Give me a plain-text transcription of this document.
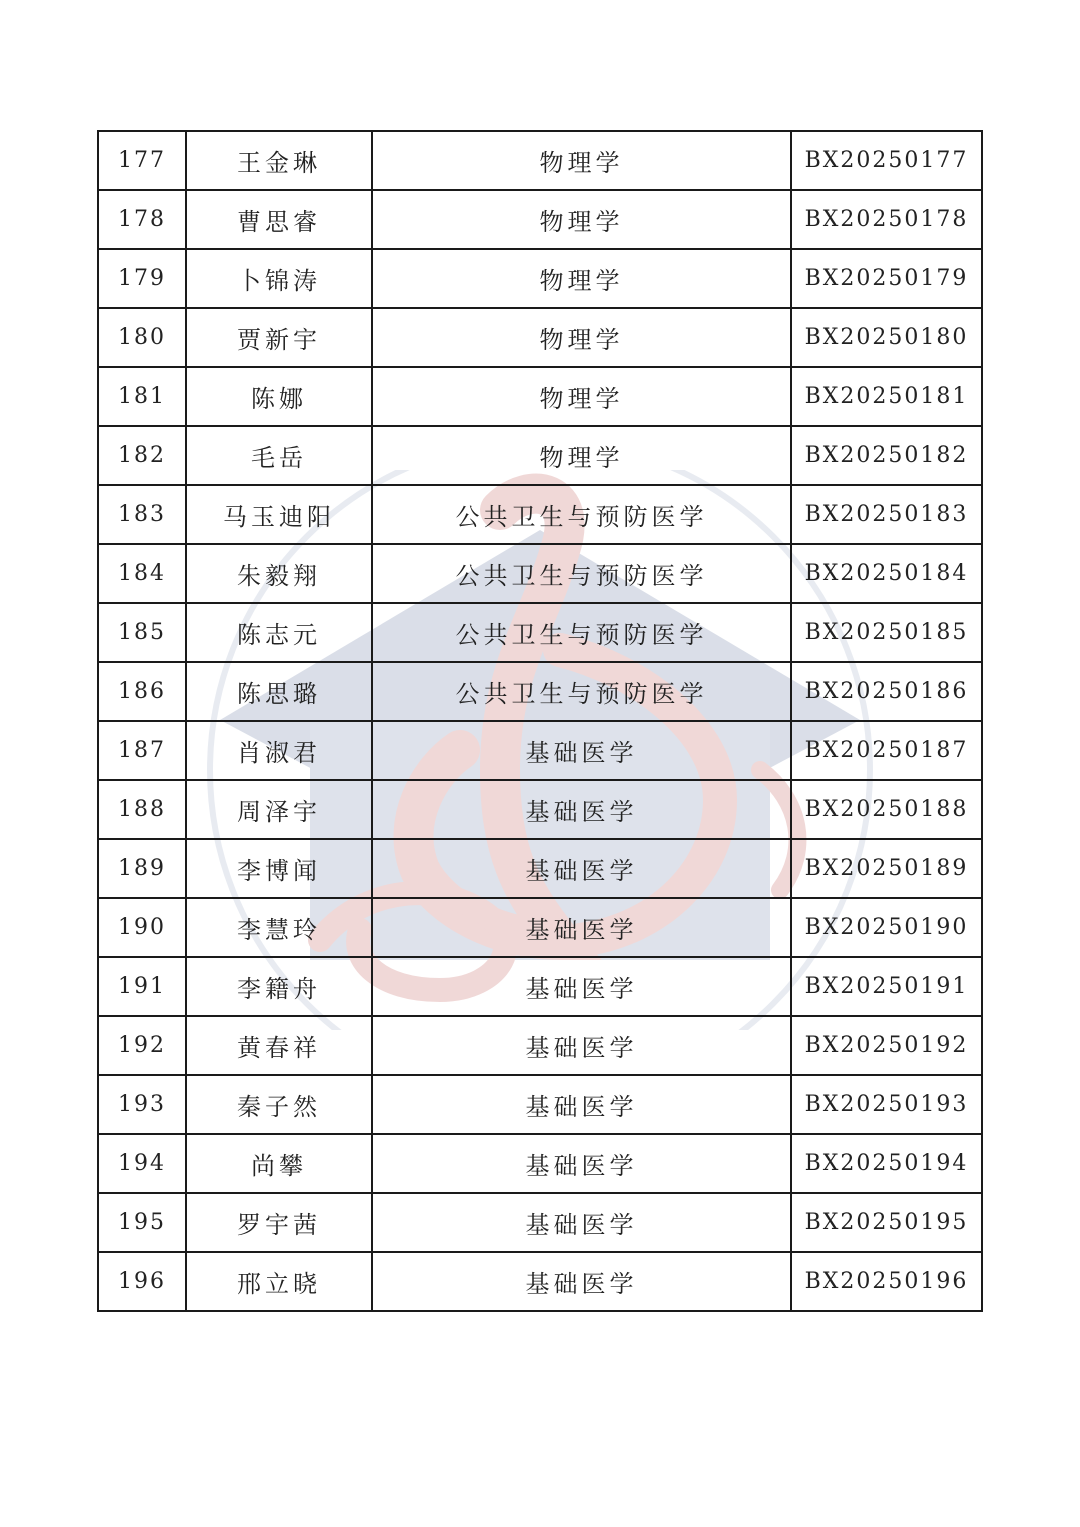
177	王金琳	物理学	BX20250177
178	曹思睿	物理学	BX20250178
179	卜锦涛	物理学	BX20250179
180	贾新宇	物理学	BX20250180
181	陈娜	物理学	BX20250181
182	毛岳	物理学	BX20250182
183	马玉迪阳	公共卫生与预防医学	BX20250183
184	朱毅翔	公共卫生与预防医学	BX20250184
185	陈志元	公共卫生与预防医学	BX20250185
186	陈思璐	公共卫生与预防医学	BX20250186
187	肖淑君	基础医学	BX20250187
188	周泽宇	基础医学	BX20250188
189	李博闻	基础医学	BX20250189
190	李慧玲	基础医学	BX20250190
191	李籍舟	基础医学	BX20250191
192	黄春祥	基础医学	BX20250192
193	秦子然	基础医学	BX20250193
194	尚攀	基础医学	BX20250194
195	罗宇茜	基础医学	BX20250195
196	邢立晓	基础医学	BX20250196
